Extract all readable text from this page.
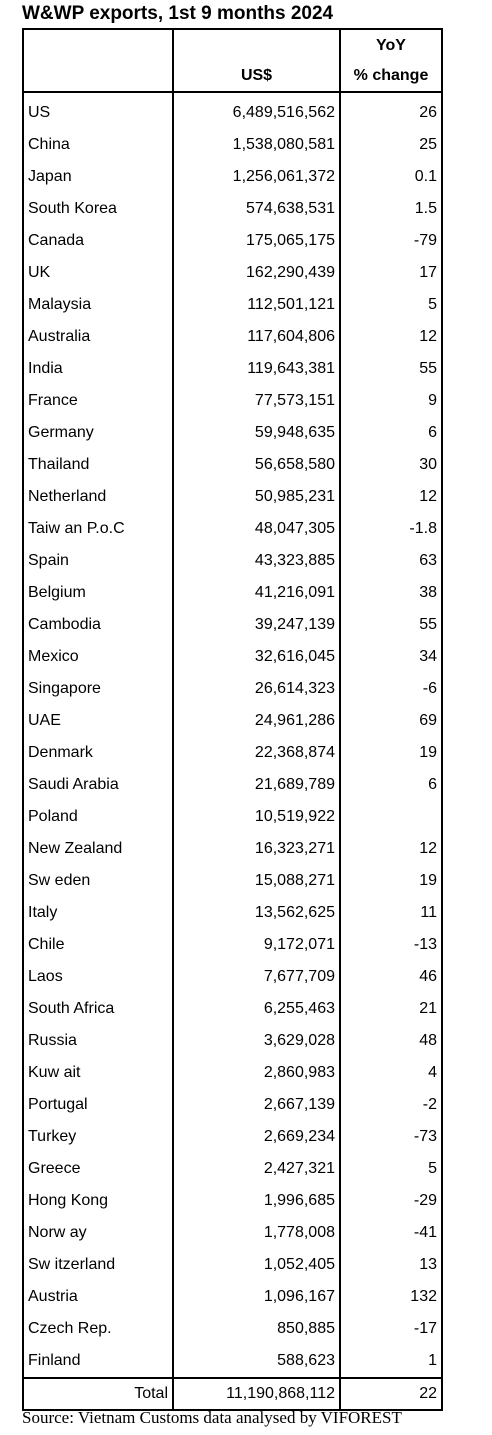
W&WP exports, 1st 9 months 2024
		YoY
	US$	% change
US	6,489,516,562	26
China	1,538,080,581	25
Japan	1,256,061,372	0.1
South Korea	574,638,531	1.5
Canada	175,065,175	-79
UK	162,290,439	17
Malaysia	112,501,121	5
Australia	117,604,806	12
India	119,643,381	55
France	77,573,151	9
Germany	59,948,635	6
Thailand	56,658,580	30
Netherland	50,985,231	12
Taiw an P.o.C	48,047,305	-1.8
Spain	43,323,885	63
Belgium	41,216,091	38
Cambodia	39,247,139	55
Mexico	32,616,045	34
Singapore	26,614,323	-6
UAE	24,961,286	69
Denmark	22,368,874	19
Saudi Arabia	21,689,789	6
Poland	10,519,922	
New Zealand	16,323,271	12
Sw eden	15,088,271	19
Italy	13,562,625	11
Chile	9,172,071	-13
Laos	7,677,709	46
South Africa	6,255,463	21
Russia	3,629,028	48
Kuw ait	2,860,983	4
Portugal	2,667,139	-2
Turkey	2,669,234	-73
Greece	2,427,321	5
Hong Kong	1,996,685	-29
Norw ay	1,778,008	-41
Sw itzerland	1,052,405	13
Austria	1,096,167	132
Czech Rep.	850,885	-17
Finland	588,623	1
Total	11,190,868,112	22
Source: Vietnam Customs data analysed by VIFOREST
